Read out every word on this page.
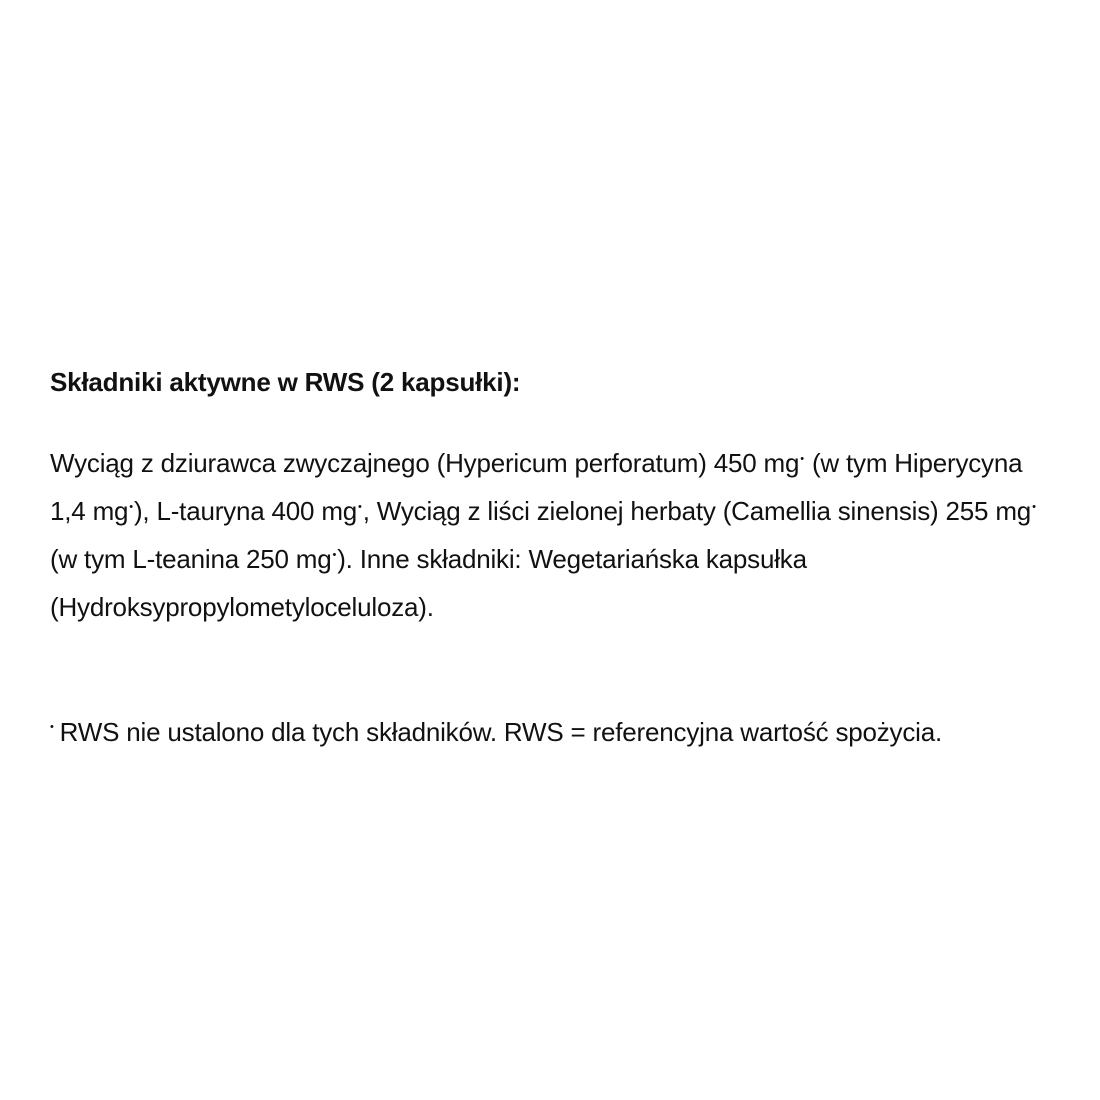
Składniki aktywne w RWS (2 kapsułki):

Wyciąg z dziurawca zwyczajnego (Hypericum perforatum) 450 mg• (w tym Hiperycyna 1,4 mg•), L-tauryna 400 mg•, Wyciąg z liści zielonej herbaty (Camellia sinensis) 255 mg• (w tym L-teanina 250 mg•). Inne składniki: Wegetariańska kapsułka (Hydroksypropylometyloceluloza).

• RWS nie ustalono dla tych składników. RWS = referencyjna wartość spożycia.
